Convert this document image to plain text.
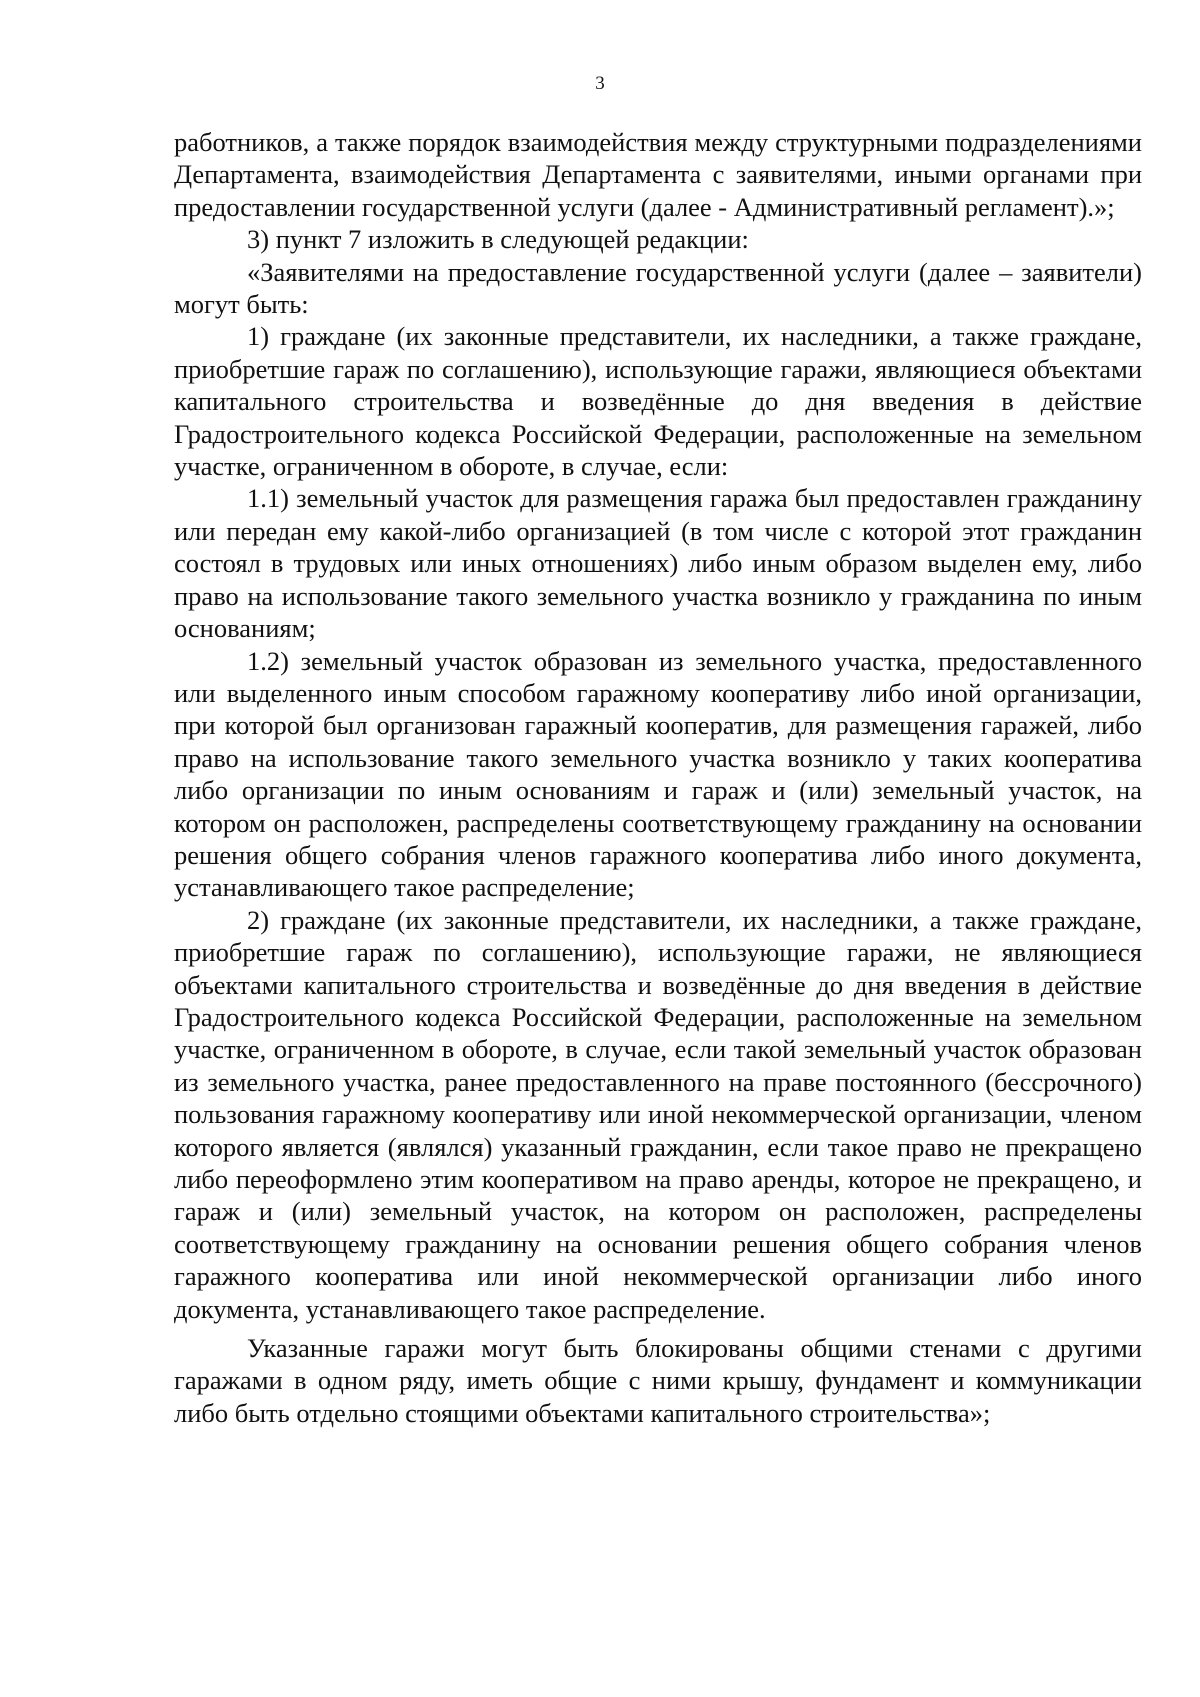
3

работников, а также порядок взаимодействия между структурными подразделениями Департамента, взаимодействия Департамента с заявителями, иными органами при предоставлении государственной услуги (далее - Административный регламент).»;

3) пункт 7 изложить в следующей редакции:

«Заявителями на предоставление государственной услуги (далее – заявители) могут быть:

1) граждане (их законные представители, их наследники, а также граждане, приобретшие гараж по соглашению), использующие гаражи, являющиеся объектами капитального строительства и возведённые до дня введения в действие Градостроительного кодекса Российской Федерации, расположенные на земельном участке, ограниченном в обороте, в случае, если:

1.1) земельный участок для размещения гаража был предоставлен гражданину или передан ему какой-либо организацией (в том числе с которой этот гражданин состоял в трудовых или иных отношениях) либо иным образом выделен ему, либо право на использование такого земельного участка возникло у гражданина по иным основаниям;

1.2) земельный участок образован из земельного участка, предоставленного или выделенного иным способом гаражному кооперативу либо иной организации, при которой был организован гаражный кооператив, для размещения гаражей, либо право на использование такого земельного участка возникло у таких кооператива либо организации по иным основаниям и гараж и (или) земельный участок, на котором он расположен, распределены соответствующему гражданину на основании решения общего собрания членов гаражного кооператива либо иного документа, устанавливающего такое распределение;

2) граждане (их законные представители, их наследники, а также граждане, приобретшие гараж по соглашению), использующие гаражи, не являющиеся объектами капитального строительства и возведённые до дня введения в действие Градостроительного кодекса Российской Федерации, расположенные на земельном участке, ограниченном в обороте, в случае, если такой земельный участок образован из земельного участка, ранее предоставленного на праве постоянного (бессрочного) пользования гаражному кооперативу или иной некоммерческой организации, членом которого является (являлся) указанный гражданин, если такое право не прекращено либо переоформлено этим кооперативом на право аренды, которое не прекращено, и гараж и (или) земельный участок, на котором он расположен, распределены соответствующему гражданину на основании решения общего собрания членов гаражного кооператива или иной некоммерческой организации либо иного документа, устанавливающего такое распределение.

Указанные гаражи могут быть блокированы общими стенами с другими гаражами в одном ряду, иметь общие с ними крышу, фундамент и коммуникации либо быть отдельно стоящими объектами капитального строительства»;
